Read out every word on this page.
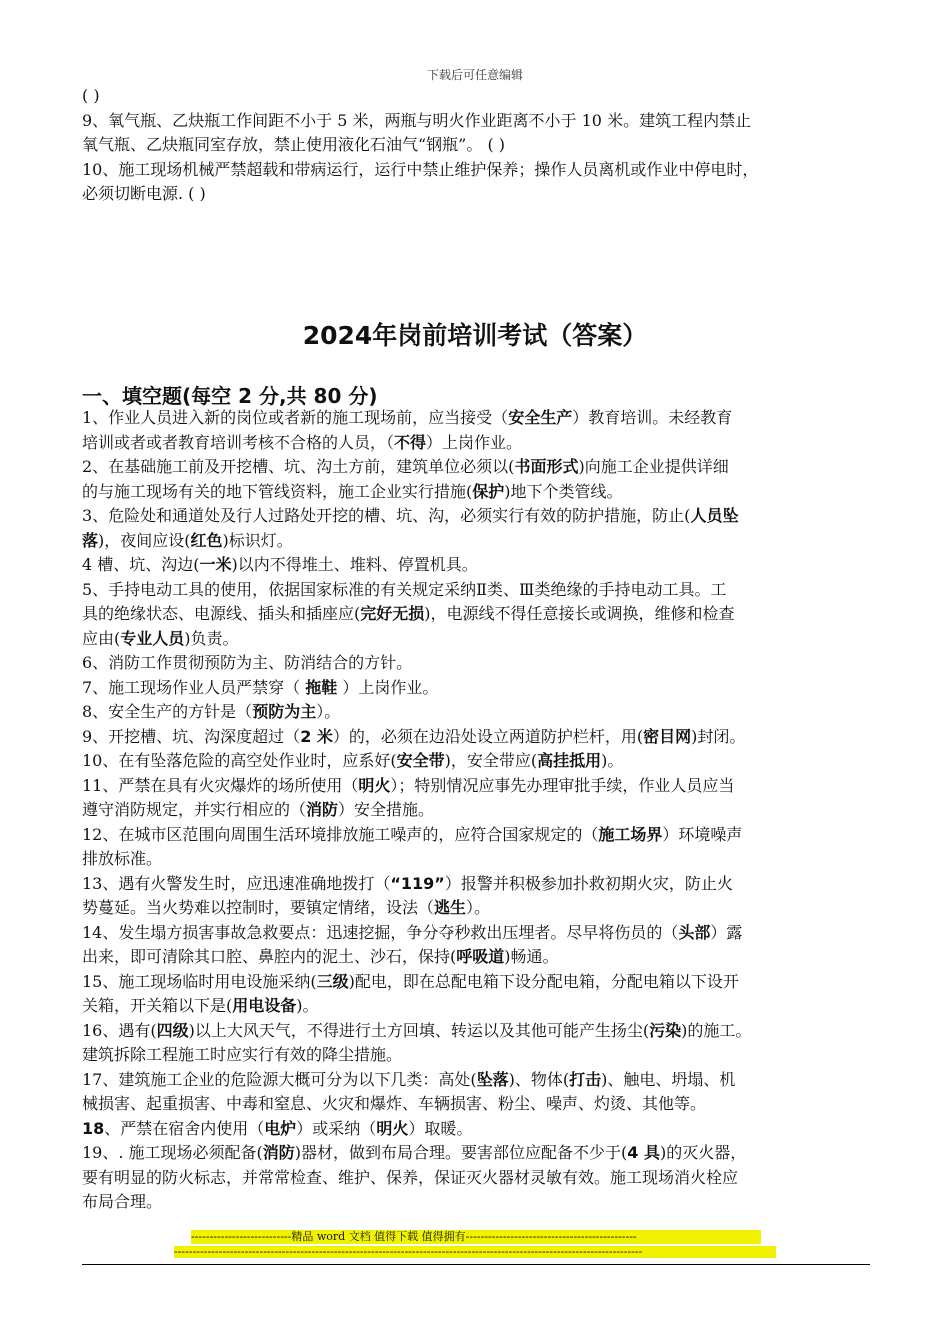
下载后可任意编辑
( )
9、氧气瓶、乙炔瓶工作间距不小于 5 米，两瓶与明火作业距离不小于 10 米。建筑工程内禁止
氧气瓶、乙炔瓶同室存放，禁止使用液化石油气“钢瓶”。 ( )
10、施工现场机械严禁超载和带病运行，运行中禁止维护保养；操作人员离机或作业中停电时，
必须切断电源. ( )
2024年岗前培训考试（答案）
一、填空题(每空 2 分,共 80 分)
1、作业人员进入新的岗位或者新的施工现场前，应当接受（安全生产）教育培训。未经教育
培训或者或者教育培训考核不合格的人员，（不得）上岗作业。
2、在基础施工前及开挖槽、坑、沟土方前，建筑单位必须以(书面形式)向施工企业提供详细
的与施工现场有关的地下管线资料，施工企业实行措施(保护)地下个类管线。
3、危险处和通道处及行人过路处开挖的槽、坑、沟，必须实行有效的防护措施，防止(人员坠
落)，夜间应设(红色)标识灯。
4 槽、坑、沟边(一米)以内不得堆土、堆料、停置机具。
5、手持电动工具的使用，依据国家标准的有关规定采纳Ⅱ类、Ⅲ类绝缘的手持电动工具。工
具的绝缘状态、电源线、插头和插座应(完好无损)，电源线不得任意接长或调换，维修和检查
应由(专业人员)负责。
6、消防工作贯彻预防为主、防消结合的方针。
7、施工现场作业人员严禁穿（ 拖鞋 ）上岗作业。
8、安全生产的方针是（预防为主）。
9、开挖槽、坑、沟深度超过（2 米）的，必须在边沿处设立两道防护栏杆，用(密目网)封闭。
10、在有坠落危险的高空处作业时，应系好(安全带)，安全带应(高挂抵用)。
11、严禁在具有火灾爆炸的场所使用（明火）；特别情况应事先办理审批手续，作业人员应当
遵守消防规定，并实行相应的（消防）安全措施。
12、在城市区范围向周围生活环境排放施工噪声的，应符合国家规定的（施工场界）环境噪声
排放标准。
13、遇有火警发生时，应迅速准确地拨打（“119”）报警并积极参加扑救初期火灾，防止火
势蔓延。当火势难以控制时，要镇定情绪，设法（逃生）。
14、发生塌方损害事故急救要点：迅速挖掘，争分夺秒救出压埋者。尽早将伤员的（头部）露
出来，即可清除其口腔、鼻腔内的泥土、沙石，保持(呼吸道)畅通。
15、施工现场临时用电设施采纳(三级)配电，即在总配电箱下设分配电箱，分配电箱以下设开
关箱，开关箱以下是(用电设备)。
16、遇有(四级)以上大风天气，不得进行土方回填、转运以及其他可能产生扬尘(污染)的施工。
建筑拆除工程施工时应实行有效的降尘措施。
17、建筑施工企业的危险源大概可分为以下几类：高处(坠落)、物体(打击)、触电、坍塌、机
械损害、起重损害、中毒和窒息、火灾和爆炸、车辆损害、粉尘、噪声、灼烫、其他等。
18、严禁在宿舍内使用（电炉）或采纳（明火）取暖。
19、. 施工现场必须配备(消防)器材，做到布局合理。要害部位应配备不少于(4 具)的灭火器，
要有明显的防火标志，并常常检查、维护、保养，保证灭火器材灵敏有效。施工现场消火栓应
布局合理。
---------------------------精品 word 文档 值得下载 值得拥有----------------------------------------------
------------------------------------------------------------------------------------------------------------------------------
